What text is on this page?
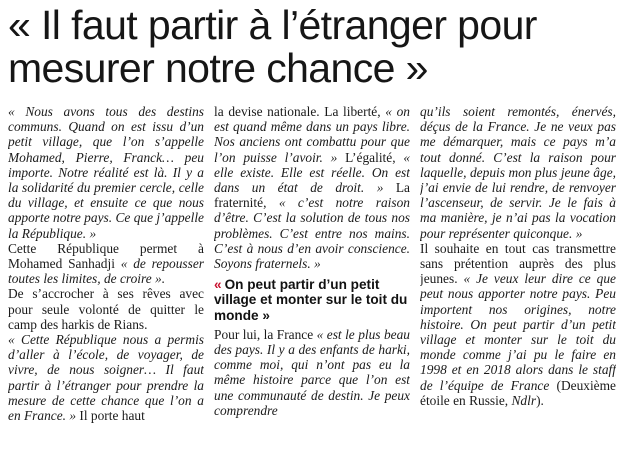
« Il faut partir à l’étranger pour mesurer notre chance »

« Nous avons tous des destins communs. Quand on est issu d’un petit village, que l’on s’appelle Mohamed, Pierre, Franck… peu importe. Notre réalité est là. Il y a la solidarité du premier cercle, celle du village, et ensuite ce que nous apporte notre pays. Ce que j’appelle la République. »

Cette République permet à Mohamed Sanhadji « de repousser toutes les limites, de croire ».

De s’accrocher à ses rêves avec pour seule volonté de quitter le camp des harkis de Rians.

« Cette République nous a permis d’aller à l’école, de voyager, de vivre, de nous soigner… Il faut partir à l’étranger pour prendre la mesure de cette chance que l’on a en France. » Il porte haut

la devise nationale. La liberté, « on est quand même dans un pays libre. Nos anciens ont combattu pour que l’on puisse l’avoir. » L’égalité, « elle existe. Elle est réelle. On est dans un état de droit. » La fraternité, « c’est notre raison d’être. C’est la solution de tous nos problèmes. C’est entre nos mains. C’est à nous d’en avoir conscience. Soyons fraternels. »

« On peut partir d’un petit village et monter sur le toit du monde »

Pour lui, la France « est le plus beau des pays. Il y a des enfants de harki, comme moi, qui n’ont pas eu la même histoire parce que l’on est une communauté de destin. Je peux comprendre

qu’ils soient remontés, énervés, déçus de la France. Je ne veux pas me démarquer, mais ce pays m’a tout donné. C’est la raison pour laquelle, depuis mon plus jeune âge, j’ai envie de lui rendre, de renvoyer l’ascenseur, de servir. Je le fais à ma manière, je n’ai pas la vocation pour représenter quiconque. »

Il souhaite en tout cas transmettre sans prétention auprès des plus jeunes. « Je veux leur dire ce que peut nous apporter notre pays. Peu importent nos origines, notre histoire. On peut partir d’un petit village et monter sur le toit du monde comme j’ai pu le faire en 1998 et en 2018 alors dans le staff de l’équipe de France (Deuxième étoile en Russie, Ndlr).
